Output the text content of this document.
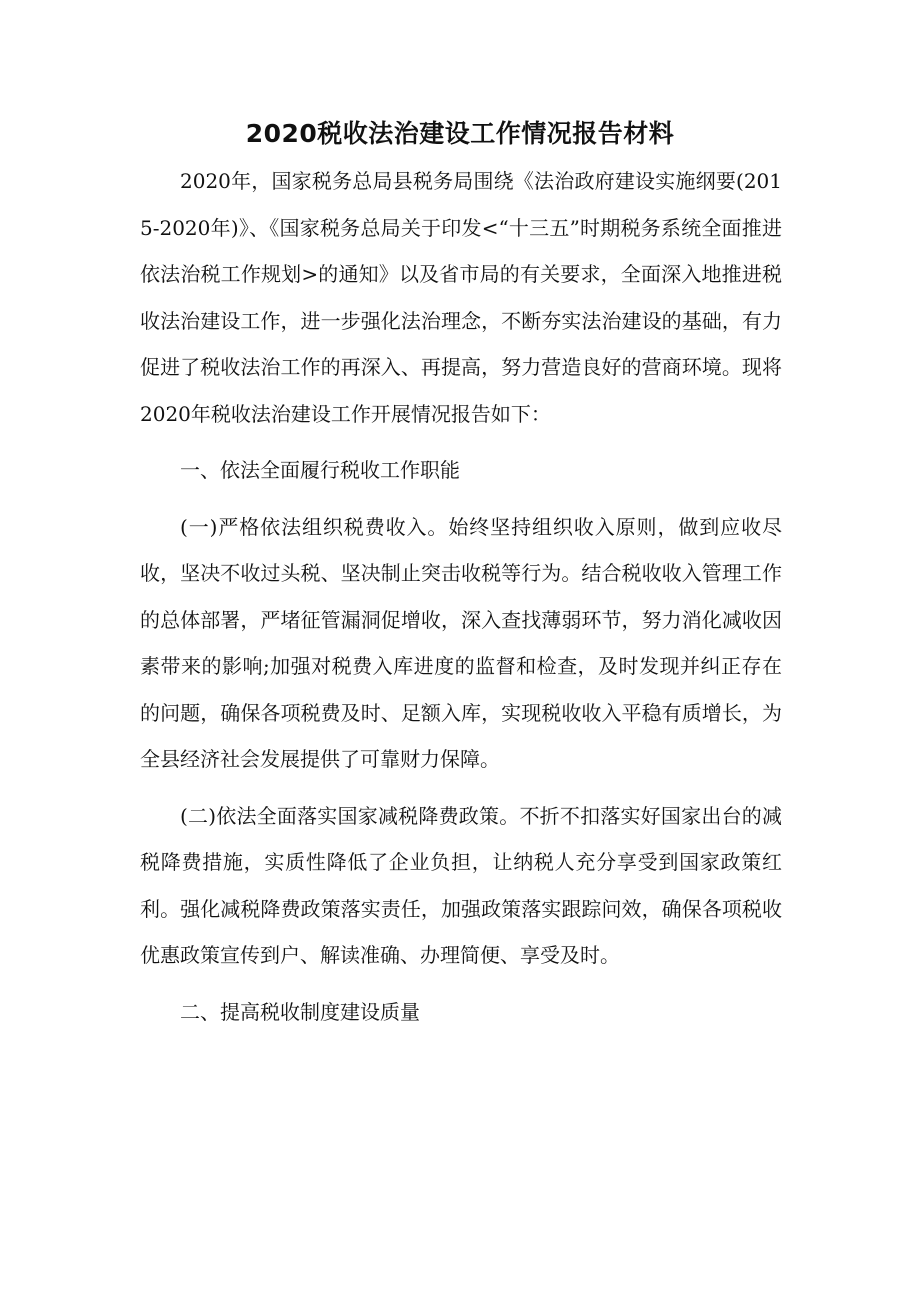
2020税收法治建设工作情况报告材料

2020年，国家税务总局县税务局围绕《法治政府建设实施纲要(2015-2020年)》、《国家税务总局关于印发<“十三五”时期税务系统全面推进依法治税工作规划>的通知》以及省市局的有关要求，全面深入地推进税收法治建设工作，进一步强化法治理念，不断夯实法治建设的基础，有力促进了税收法治工作的再深入、再提高，努力营造良好的营商环境。现将2020年税收法治建设工作开展情况报告如下：

一、依法全面履行税收工作职能

(一)严格依法组织税费收入。始终坚持组织收入原则，做到应收尽收，坚决不收过头税、坚决制止突击收税等行为。结合税收收入管理工作的总体部署，严堵征管漏洞促增收，深入查找薄弱环节，努力消化减收因素带来的影响;加强对税费入库进度的监督和检查，及时发现并纠正存在的问题，确保各项税费及时、足额入库，实现税收收入平稳有质增长，为全县经济社会发展提供了可靠财力保障。

(二)依法全面落实国家减税降费政策。不折不扣落实好国家出台的减税降费措施，实质性降低了企业负担，让纳税人充分享受到国家政策红利。强化减税降费政策落实责任，加强政策落实跟踪问效，确保各项税收优惠政策宣传到户、解读准确、办理简便、享受及时。

二、提高税收制度建设质量
